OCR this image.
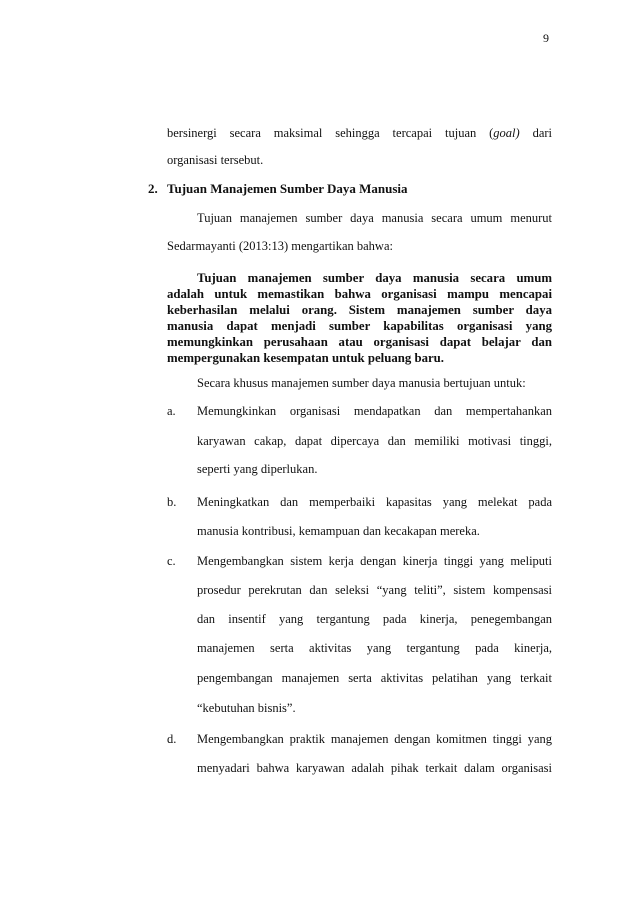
9
bersinergi secara maksimal sehingga tercapai tujuan (goal) dari
organisasi tersebut.
2. Tujuan Manajemen Sumber Daya Manusia
Tujuan manajemen sumber daya manusia secara umum menurut
Sedarmayanti (2013:13) mengartikan bahwa:
Tujuan manajemen sumber daya manusia secara umum
adalah untuk memastikan bahwa organisasi mampu mencapai
keberhasilan melalui orang. Sistem manajemen sumber daya
manusia dapat menjadi sumber kapabilitas organisasi yang
memungkinkan perusahaan atau organisasi dapat belajar dan
mempergunakan kesempatan untuk peluang baru.
Secara khusus manajemen sumber daya manusia bertujuan untuk:
a. Memungkinkan organisasi mendapatkan dan mempertahankan
karyawan cakap, dapat dipercaya dan memiliki motivasi tinggi,
seperti yang diperlukan.
b. Meningkatkan dan memperbaiki kapasitas yang melekat pada
manusia kontribusi, kemampuan dan kecakapan mereka.
c. Mengembangkan sistem kerja dengan kinerja tinggi yang meliputi
prosedur perekrutan dan seleksi “yang teliti”, sistem kompensasi
dan insentif yang tergantung pada kinerja, penegembangan
manajemen serta aktivitas yang tergantung pada kinerja,
pengembangan manajemen serta aktivitas pelatihan yang terkait
“kebutuhan bisnis”.
d. Mengembangkan praktik manajemen dengan komitmen tinggi yang
menyadari bahwa karyawan adalah pihak terkait dalam organisasi
